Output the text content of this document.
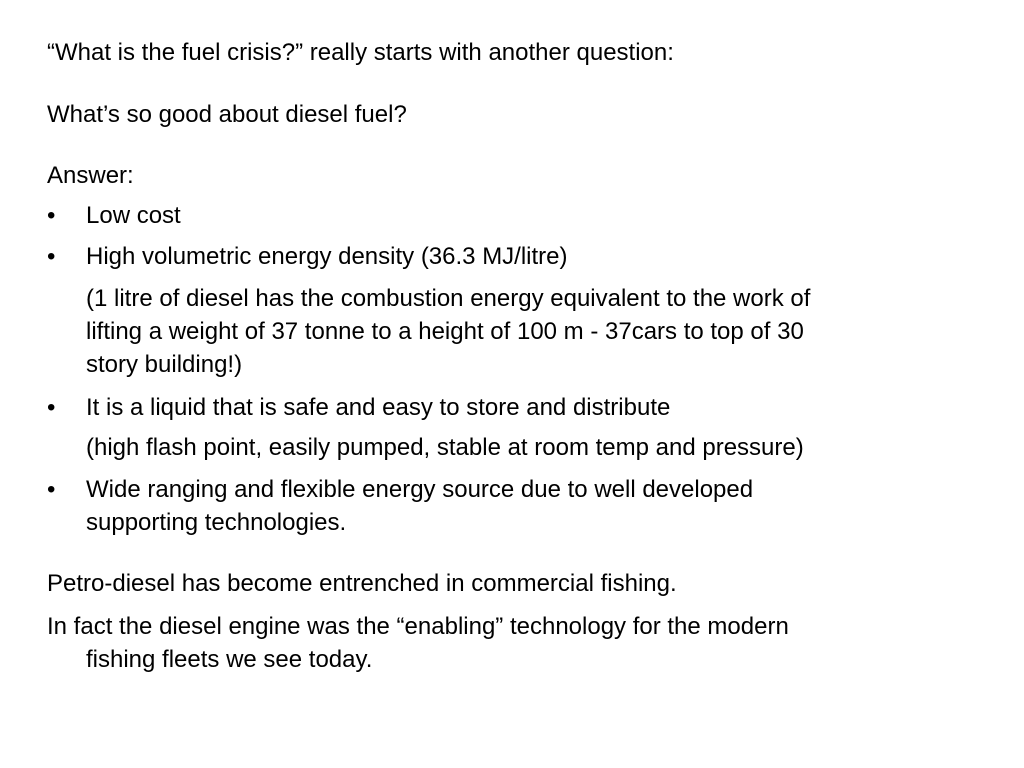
“What is the fuel crisis?” really starts with another question:
What’s so good about diesel fuel?
Answer:
•	Low cost
•	High volumetric energy density (36.3 MJ/litre)
(1 litre of diesel has the combustion energy equivalent to the work of
lifting a weight of 37 tonne to a height of 100 m - 37cars to top of 30
story building!)
•	It is a liquid that is safe and easy to store and distribute
(high flash point, easily pumped, stable at room temp and pressure)
•	Wide ranging and flexible energy source due to well developed
supporting technologies.
Petro-diesel has become entrenched in commercial fishing.
In fact the diesel engine was the “enabling” technology for the modern
fishing fleets we see today.
